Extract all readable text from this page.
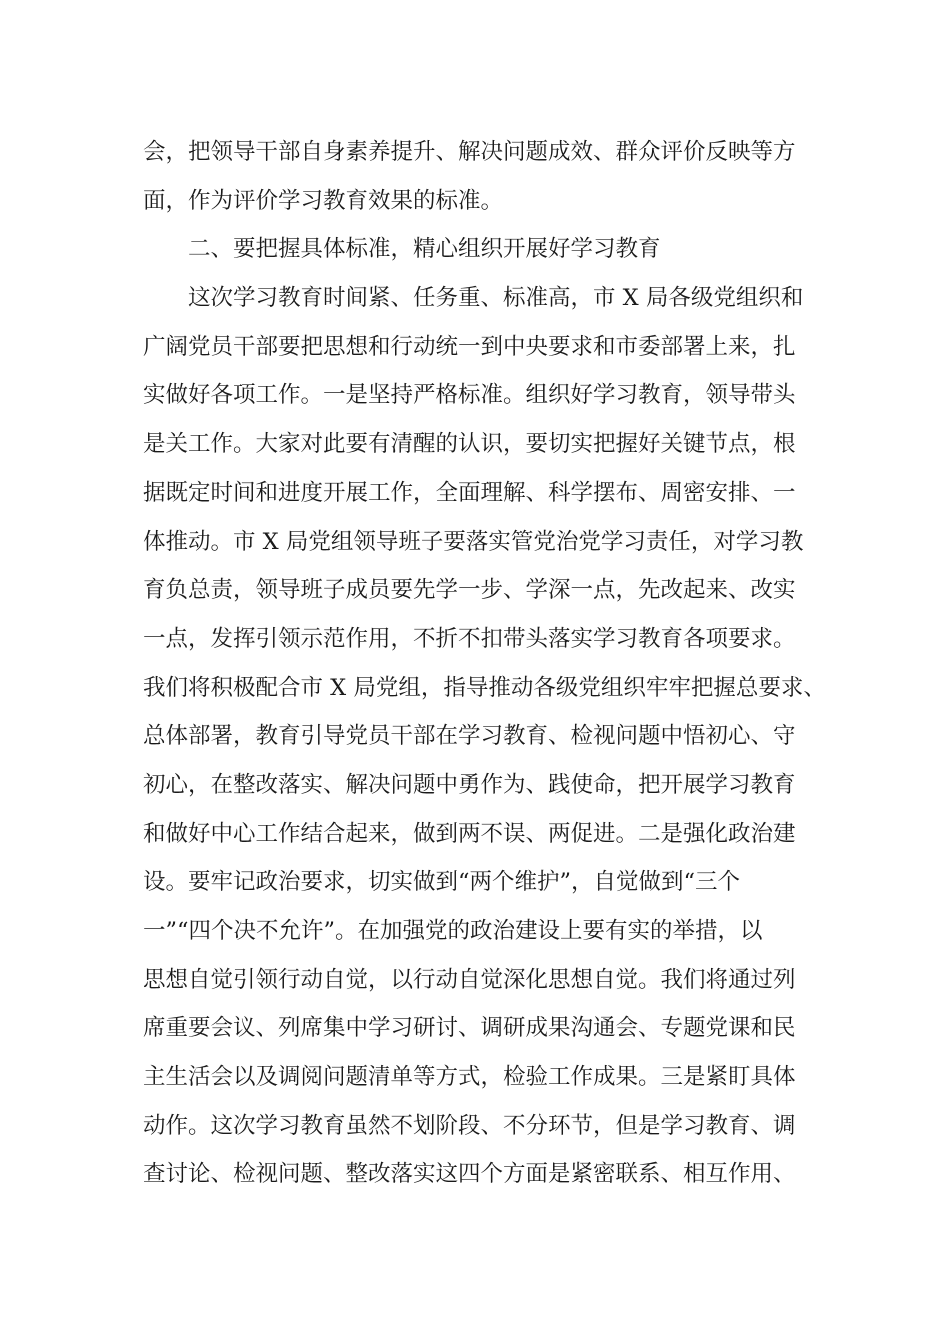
会，把领导干部自身素养提升、解决问题成效、群众评价反映等方
面，作为评价学习教育效果的标准。
二、要把握具体标准，精心组织开展好学习教育
这次学习教育时间紧、任务重、标准高，市 X 局各级党组织和
广阔党员干部要把思想和行动统一到中央要求和市委部署上来，扎
实做好各项工作。一是坚持严格标准。组织好学习教育，领导带头
是关工作。大家对此要有清醒的认识，要切实把握好关键节点，根
据既定时间和进度开展工作，全面理解、科学摆布、周密安排、一
体推动。市 X 局党组领导班子要落实管党治党学习责任，对学习教
育负总责，领导班子成员要先学一步、学深一点，先改起来、改实
一点，发挥引领示范作用，不折不扣带头落实学习教育各项要求。
我们将积极配合市 X 局党组，指导推动各级党组织牢牢把握总要求、
总体部署，教育引导党员干部在学习教育、检视问题中悟初心、守
初心，在整改落实、解决问题中勇作为、践使命，把开展学习教育
和做好中心工作结合起来，做到两不误、两促进。二是强化政治建
设。要牢记政治要求，切实做到“两个维护”，自觉做到“三个
一”“四个决不允许”。在加强党的政治建设上要有实的举措，以
思想自觉引领行动自觉，以行动自觉深化思想自觉。我们将通过列
席重要会议、列席集中学习研讨、调研成果沟通会、专题党课和民
主生活会以及调阅问题清单等方式，检验工作成果。三是紧盯具体
动作。这次学习教育虽然不划阶段、不分环节，但是学习教育、调
查讨论、检视问题、整改落实这四个方面是紧密联系、相互作用、
